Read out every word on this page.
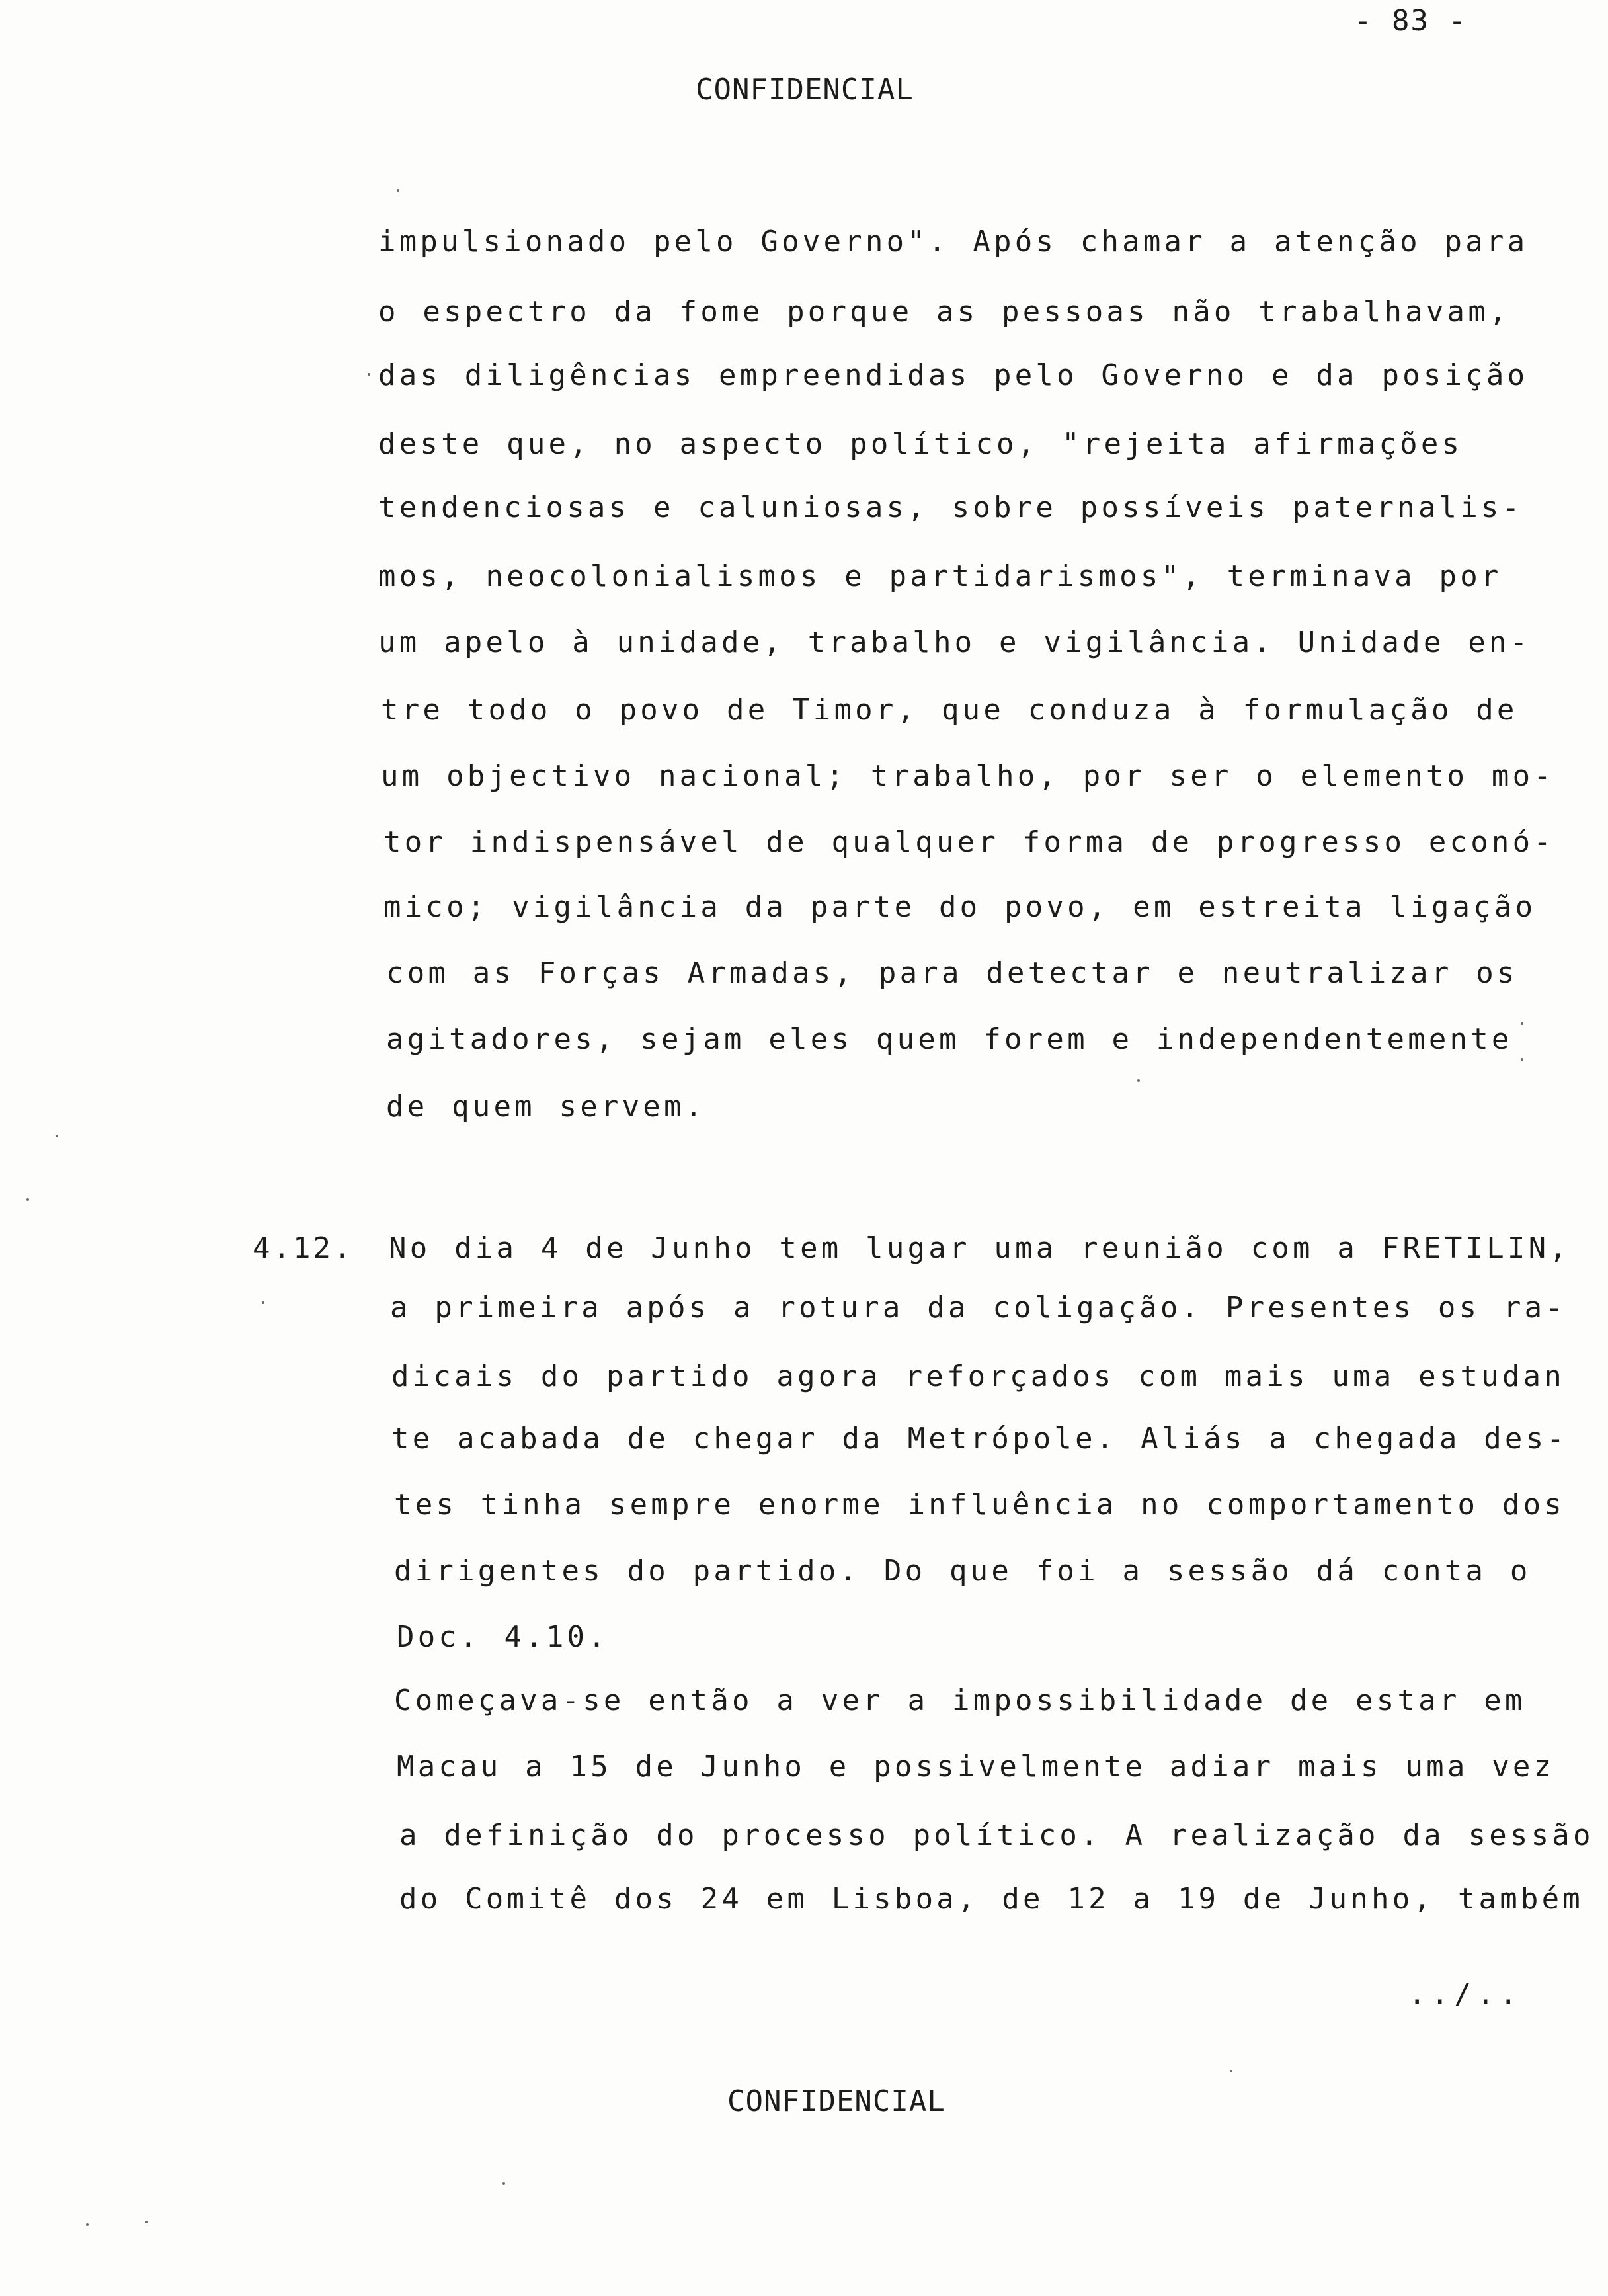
- 83 -
CONFIDENCIAL
impulsionado pelo Governo". Após chamar a atenção para
o espectro da fome porque as pessoas não trabalhavam,
das diligências empreendidas pelo Governo e da posição
deste que, no aspecto político, "rejeita afirmações
tendenciosas e caluniosas, sobre possíveis paternalis-
mos, neocolonialismos e partidarismos", terminava por
um apelo à unidade, trabalho e vigilância. Unidade en-
tre todo o povo de Timor, que conduza à formulação de
um objectivo nacional; trabalho, por ser o elemento mo-
tor indispensável de qualquer forma de progresso econó-
mico; vigilância da parte do povo, em estreita ligação
com as Forças Armadas, para detectar e neutralizar os
agitadores, sejam eles quem forem e independentemente
de quem servem.
4.12. No dia 4 de Junho tem lugar uma reunião com a FRETILIN,
a primeira após a rotura da coligação. Presentes os ra-
dicais do partido agora reforçados com mais uma estudan
te acabada de chegar da Metrópole. Aliás a chegada des-
tes tinha sempre enorme influência no comportamento dos
dirigentes do partido. Do que foi a sessão dá conta o
Doc. 4.10.
Começava-se então a ver a impossibilidade de estar em
Macau a 15 de Junho e possivelmente adiar mais uma vez
a definição do processo político. A realização da sessão
do Comitê dos 24 em Lisboa, de 12 a 19 de Junho, também
../..
CONFIDENCIAL
